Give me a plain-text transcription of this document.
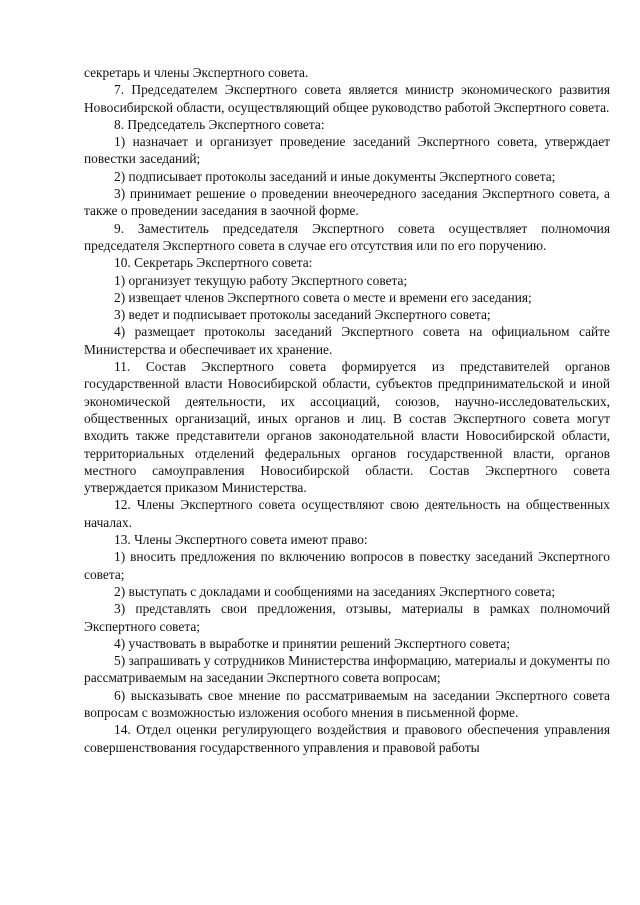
секретарь и члены Экспертного совета.

7. Председателем Экспертного совета является министр экономического развития Новосибирской области, осуществляющий общее руководство работой Экспертного совета.

8. Председатель Экспертного совета:

1) назначает и организует проведение заседаний Экспертного совета, утверждает повестки заседаний;

2) подписывает протоколы заседаний и иные документы Экспертного совета;

3) принимает решение о проведении внеочередного заседания Экспертного совета, а также о проведении заседания в заочной форме.

9. Заместитель председателя Экспертного совета осуществляет полномочия председателя Экспертного совета в случае его отсутствия или по его поручению.

10. Секретарь Экспертного совета:

1) организует текущую работу Экспертного совета;

2) извещает членов Экспертного совета о месте и времени его заседания;

3) ведет и подписывает протоколы заседаний Экспертного совета;

4) размещает протоколы заседаний Экспертного совета на официальном сайте Министерства и обеспечивает их хранение.

11. Состав Экспертного совета формируется из представителей органов государственной власти Новосибирской области, субъектов предпринимательской и иной экономической деятельности, их ассоциаций, союзов, научно-исследовательских, общественных организаций, иных органов и лиц. В состав Экспертного совета могут входить также представители органов законодательной власти Новосибирской области, территориальных отделений федеральных органов государственной власти, органов местного самоуправления Новосибирской области. Состав Экспертного совета утверждается приказом Министерства.

12. Члены Экспертного совета осуществляют свою деятельность на общественных началах.

13. Члены Экспертного совета имеют право:

1) вносить предложения по включению вопросов в повестку заседаний Экспертного совета;

2) выступать с докладами и сообщениями на заседаниях Экспертного совета;

3) представлять свои предложения, отзывы, материалы в рамках полномочий Экспертного совета;

4) участвовать в выработке и принятии решений Экспертного совета;

5) запрашивать у сотрудников Министерства информацию, материалы и документы по рассматриваемым на заседании Экспертного совета вопросам;

6) высказывать свое мнение по рассматриваемым на заседании Экспертного совета вопросам с возможностью изложения особого мнения в письменной форме.

14. Отдел оценки регулирующего воздействия и правового обеспечения управления совершенствования государственного управления и правовой работы
